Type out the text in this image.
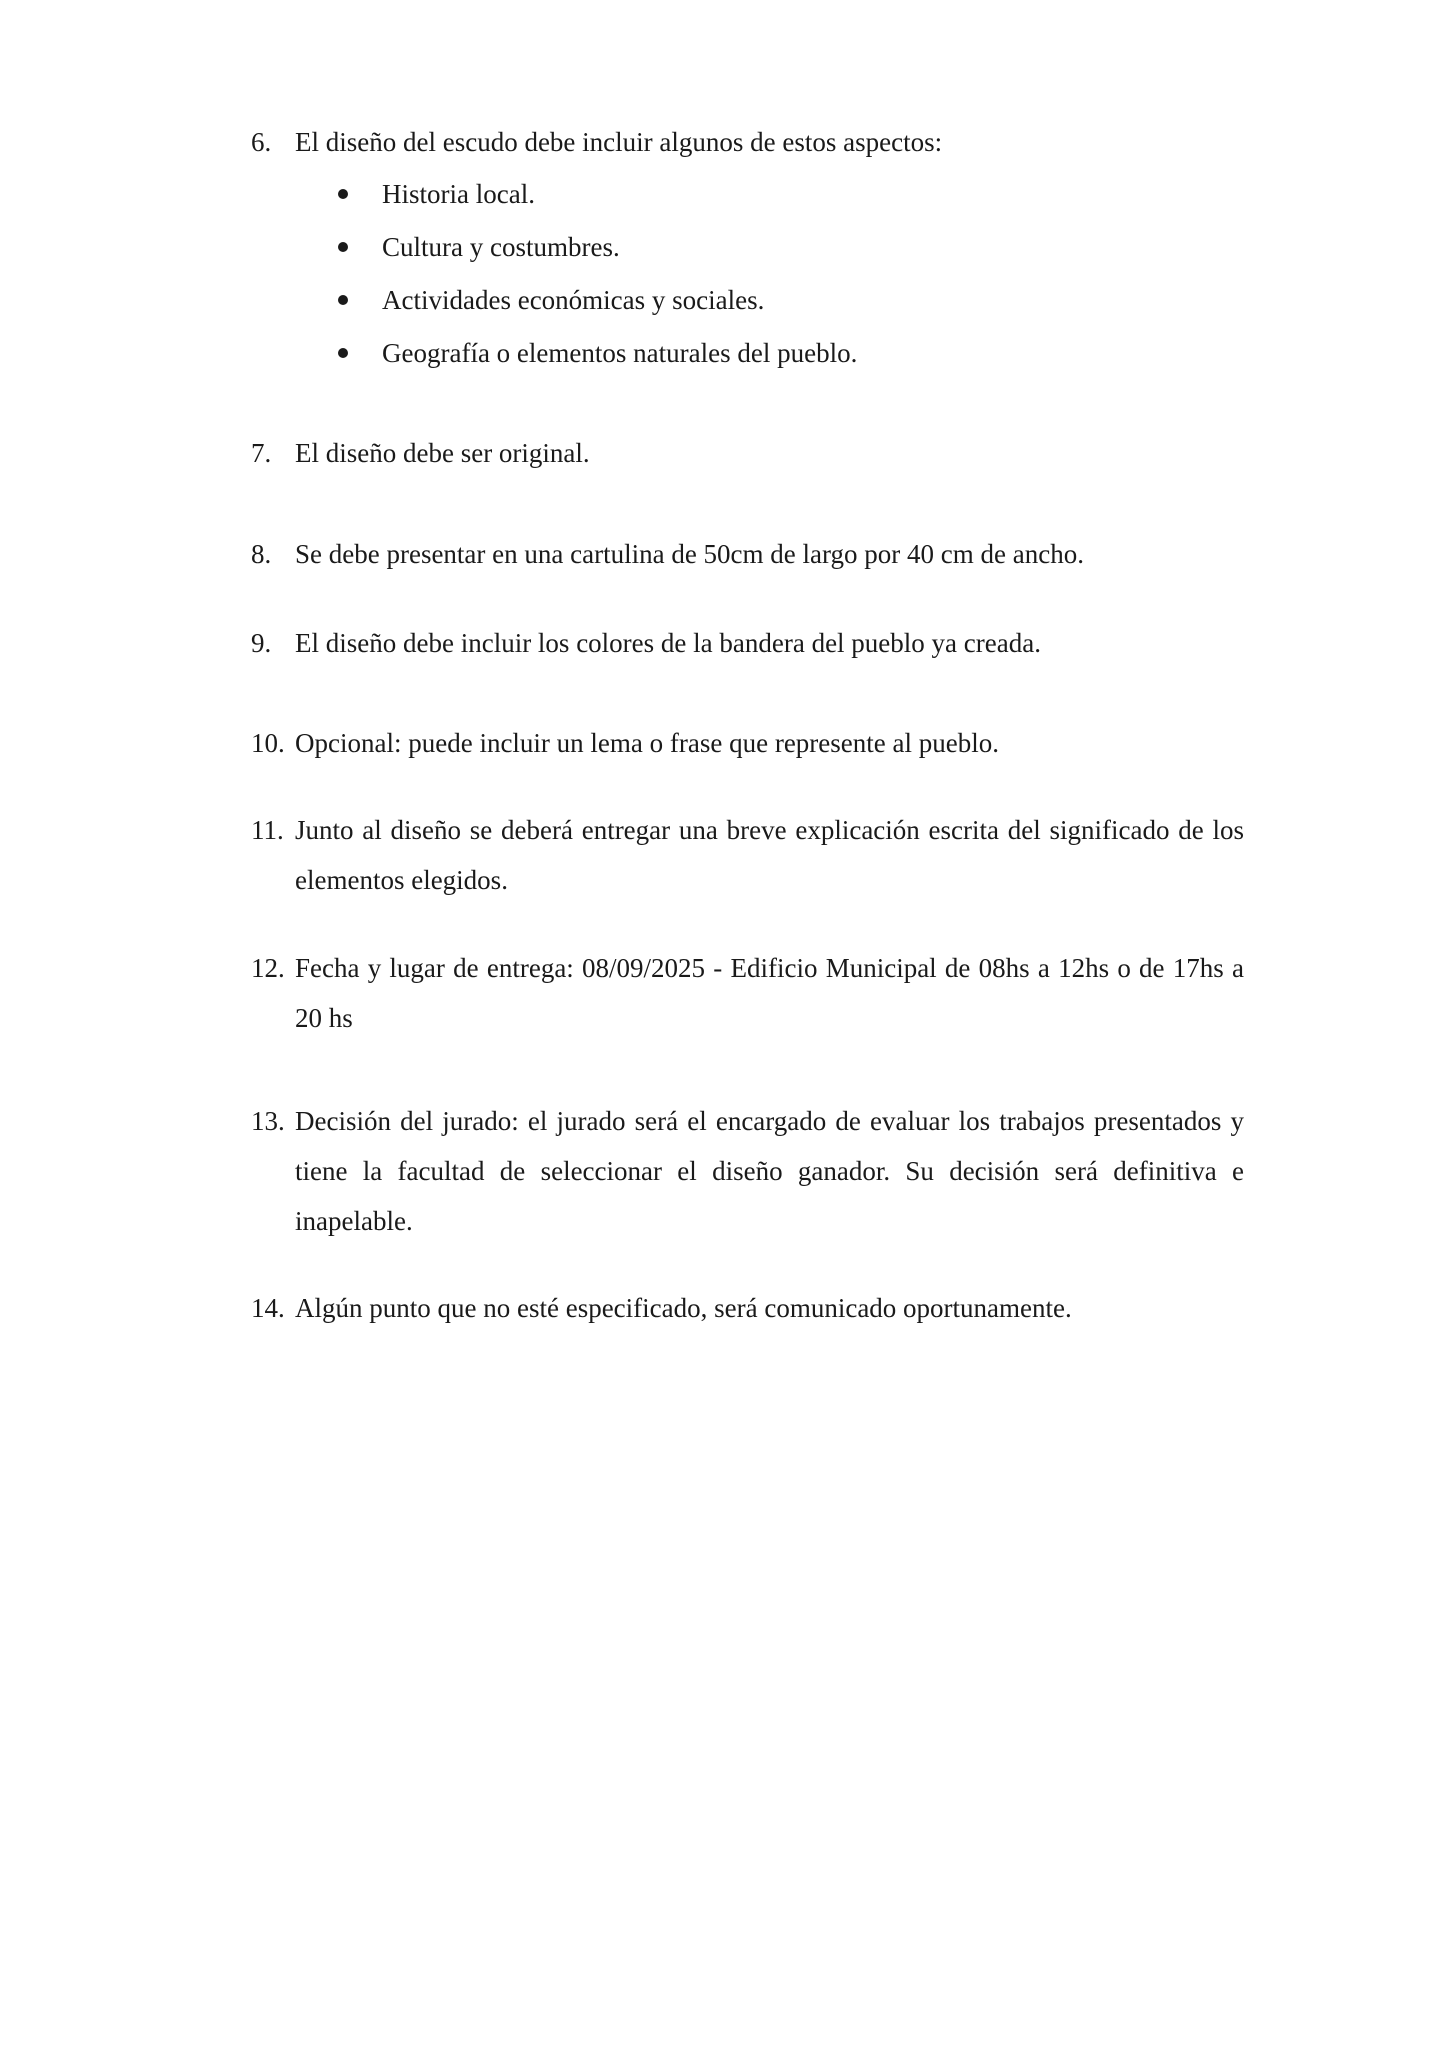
6. El diseño del escudo debe incluir algunos de estos aspectos:
Historia local.
Cultura y costumbres.
Actividades económicas y sociales.
Geografía o elementos naturales del pueblo.
7. El diseño debe ser original.
8. Se debe presentar en una cartulina de 50cm de largo por 40 cm de ancho.
9. El diseño debe incluir los colores de la bandera del pueblo ya creada.
10. Opcional: puede incluir un lema o frase que represente al pueblo.
11. Junto al diseño se deberá entregar una breve explicación escrita del significado de los elementos elegidos.
12. Fecha y lugar de entrega: 08/09/2025 - Edificio Municipal de 08hs a 12hs o de 17hs a 20 hs
13. Decisión del jurado: el jurado será el encargado de evaluar los trabajos presentados y tiene la facultad de seleccionar el diseño ganador. Su decisión será definitiva e inapelable.
14. Algún punto que no esté especificado, será comunicado oportunamente.
